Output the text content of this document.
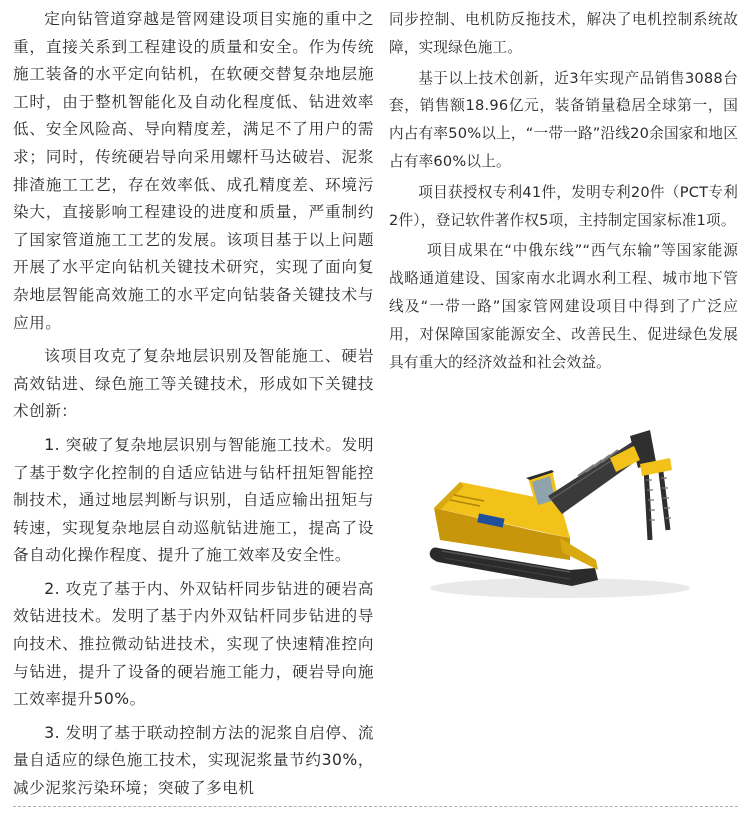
定向钻管道穿越是管网建设项目实施的重中之重，直接关系到工程建设的质量和安全。作为传统施工装备的水平定向钻机，在软硬交替复杂地层施工时，由于整机智能化及自动化程度低、钻进效率低、安全风险高、导向精度差，满足不了用户的需求；同时，传统硬岩导向采用螺杆马达破岩、泥浆排渣施工工艺，存在效率低、成孔精度差、环境污染大，直接影响工程建设的进度和质量，严重制约了国家管道施工工艺的发展。该项目基于以上问题开展了水平定向钻机关键技术研究，实现了面向复杂地层智能高效施工的水平定向钻装备关键技术与应用。

该项目攻克了复杂地层识别及智能施工、硬岩高效钻进、绿色施工等关键技术，形成如下关键技术创新：

1. 突破了复杂地层识别与智能施工技术。发明了基于数字化控制的自适应钻进与钻杆扭矩智能控制技术，通过地层判断与识别，自适应输出扭矩与转速，实现复杂地层自动巡航钻进施工，提高了设备自动化操作程度、提升了施工效率及安全性。

2. 攻克了基于内、外双钻杆同步钻进的硬岩高效钻进技术。发明了基于内外双钻杆同步钻进的导向技术、推拉微动钻进技术，实现了快速精准控向与钻进，提升了设备的硬岩施工能力，硬岩导向施工效率提升50%。

3. 发明了基于联动控制方法的泥浆自启停、流量自适应的绿色施工技术，实现泥浆量节约30%，减少泥浆污染环境；突破了多电机

同步控制、电机防反拖技术，解决了电机控制系统故障，实现绿色施工。

基于以上技术创新，近3年实现产品销售3088台套，销售额18.96亿元，装备销量稳居全球第一，国内占有率50%以上，“一带一路”沿线20余国家和地区占有率60%以上。

项目获授权专利41件，发明专利20件（PCT专利2件），登记软件著作权5项，主持制定国家标准1项。

项目成果在“中俄东线”“西气东输”等国家能源战略通道建设、国家南水北调水利工程、城市地下管线及“一带一路”国家管网建设项目中得到了广泛应用，对保障国家能源安全、改善民生、促进绿色发展具有重大的经济效益和社会效益。
